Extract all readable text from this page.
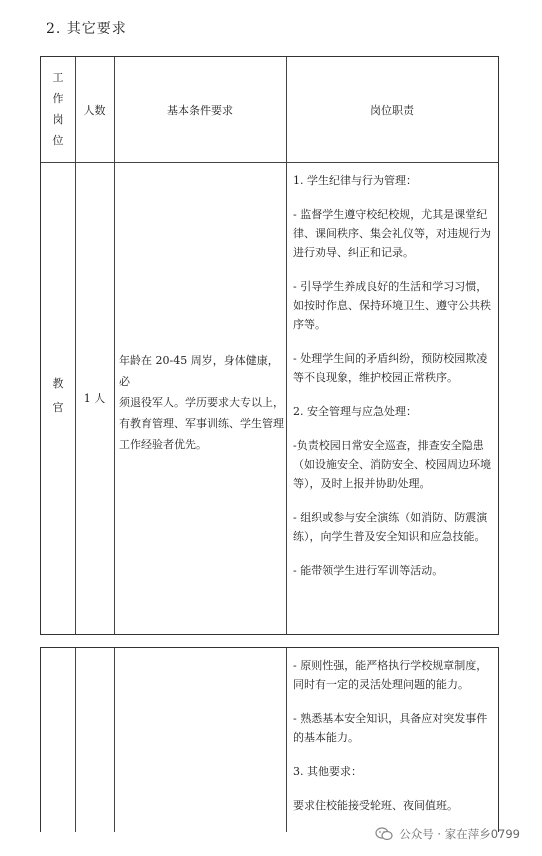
2. 其它要求
工
作
岗
位
人数	基本条件要求	岗位职责
教
官
1 人
年龄在 20-45 周岁，身体健康，必
须退役军人。学历要求大专以上，
有教育管理、军事训练、学生管理
工作经验者优先。

1. 学生纪律与行为管理：

- 监督学生遵守校纪校规，尤其是课堂纪

律、课间秩序、集会礼仪等，对违规行为

进行劝导、纠正和记录。

- 引导学生养成良好的生活和学习习惯，

如按时作息、保持环境卫生、遵守公共秩

序等。

- 处理学生间的矛盾纠纷，预防校园欺凌

等不良现象，维护校园正常秩序。

2. 安全管理与应急处理：

-负责校园日常安全巡查，排查安全隐患

（如设施安全、消防安全、校园周边环境

等），及时上报并协助处理。

- 组织或参与安全演练（如消防、防震演

练），向学生普及安全知识和应急技能。

- 能带领学生进行军训等活动。

- 原则性强，能严格执行学校规章制度，

同时有一定的灵活处理问题的能力。

- 熟悉基本安全知识，具备应对突发事件

的基本能力。

3. 其他要求：

要求住校能接受轮班、夜间值班。

公众号 · 家在萍乡0799
